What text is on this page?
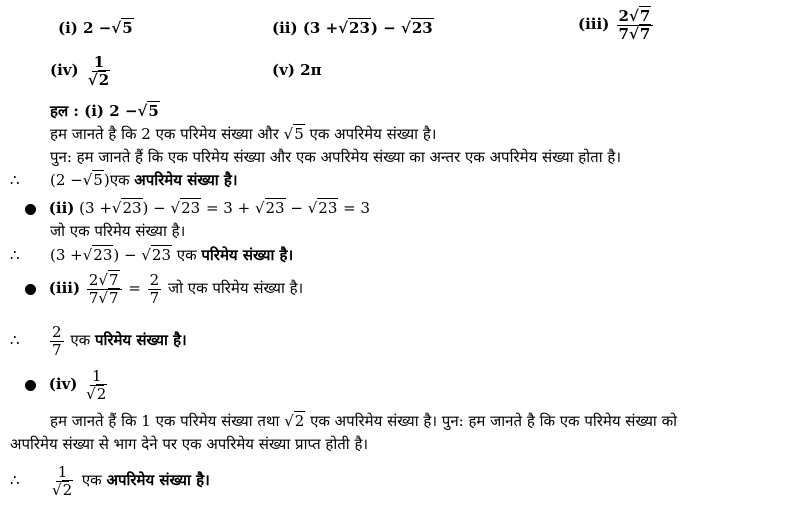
(i) 2 −√5	(ii) (3 +√23) − √23	$(iii) \frac{2√7}{7√7}$
$(iv) \frac{1}{√2}$	(v) 2π
हल : (i) 2 −√5
हम जानते है कि 2 एक परिमेय संख्या और √5 एक अपरिमेय संख्या है।
पुन: हम जानते हैं कि एक परिमेय संख्या और एक अपरिमेय संख्या का अन्तर एक अपरिमेय संख्या होता है।
∴ (2 −√5)एक अपरिमेय संख्या है।
(ii) (3 +√23) − √23 = 3 + √23 − √23 = 3
जो एक परिमेय संख्या है।
∴ (3 +√23) − √23 एक परिमेय संख्या है।
$(iii) \frac{2√7}{7√7} = \frac{2}{7}$ जो एक परिमेय संख्या है।
∴ $\frac{2}{7}$ एक परिमेय संख्या है।
$(iv) \frac{1}{√2}$
हम जानते हैं कि 1 एक परिमेय संख्या तथा √2 एक अपरिमेय संख्या है। पुन: हम जानते है कि एक परिमेय संख्या को
अपरिमेय संख्या से भाग देने पर एक अपरिमेय संख्या प्राप्त होती है।
∴ $\frac{1}{√2}$ एक अपरिमेय संख्या है।
